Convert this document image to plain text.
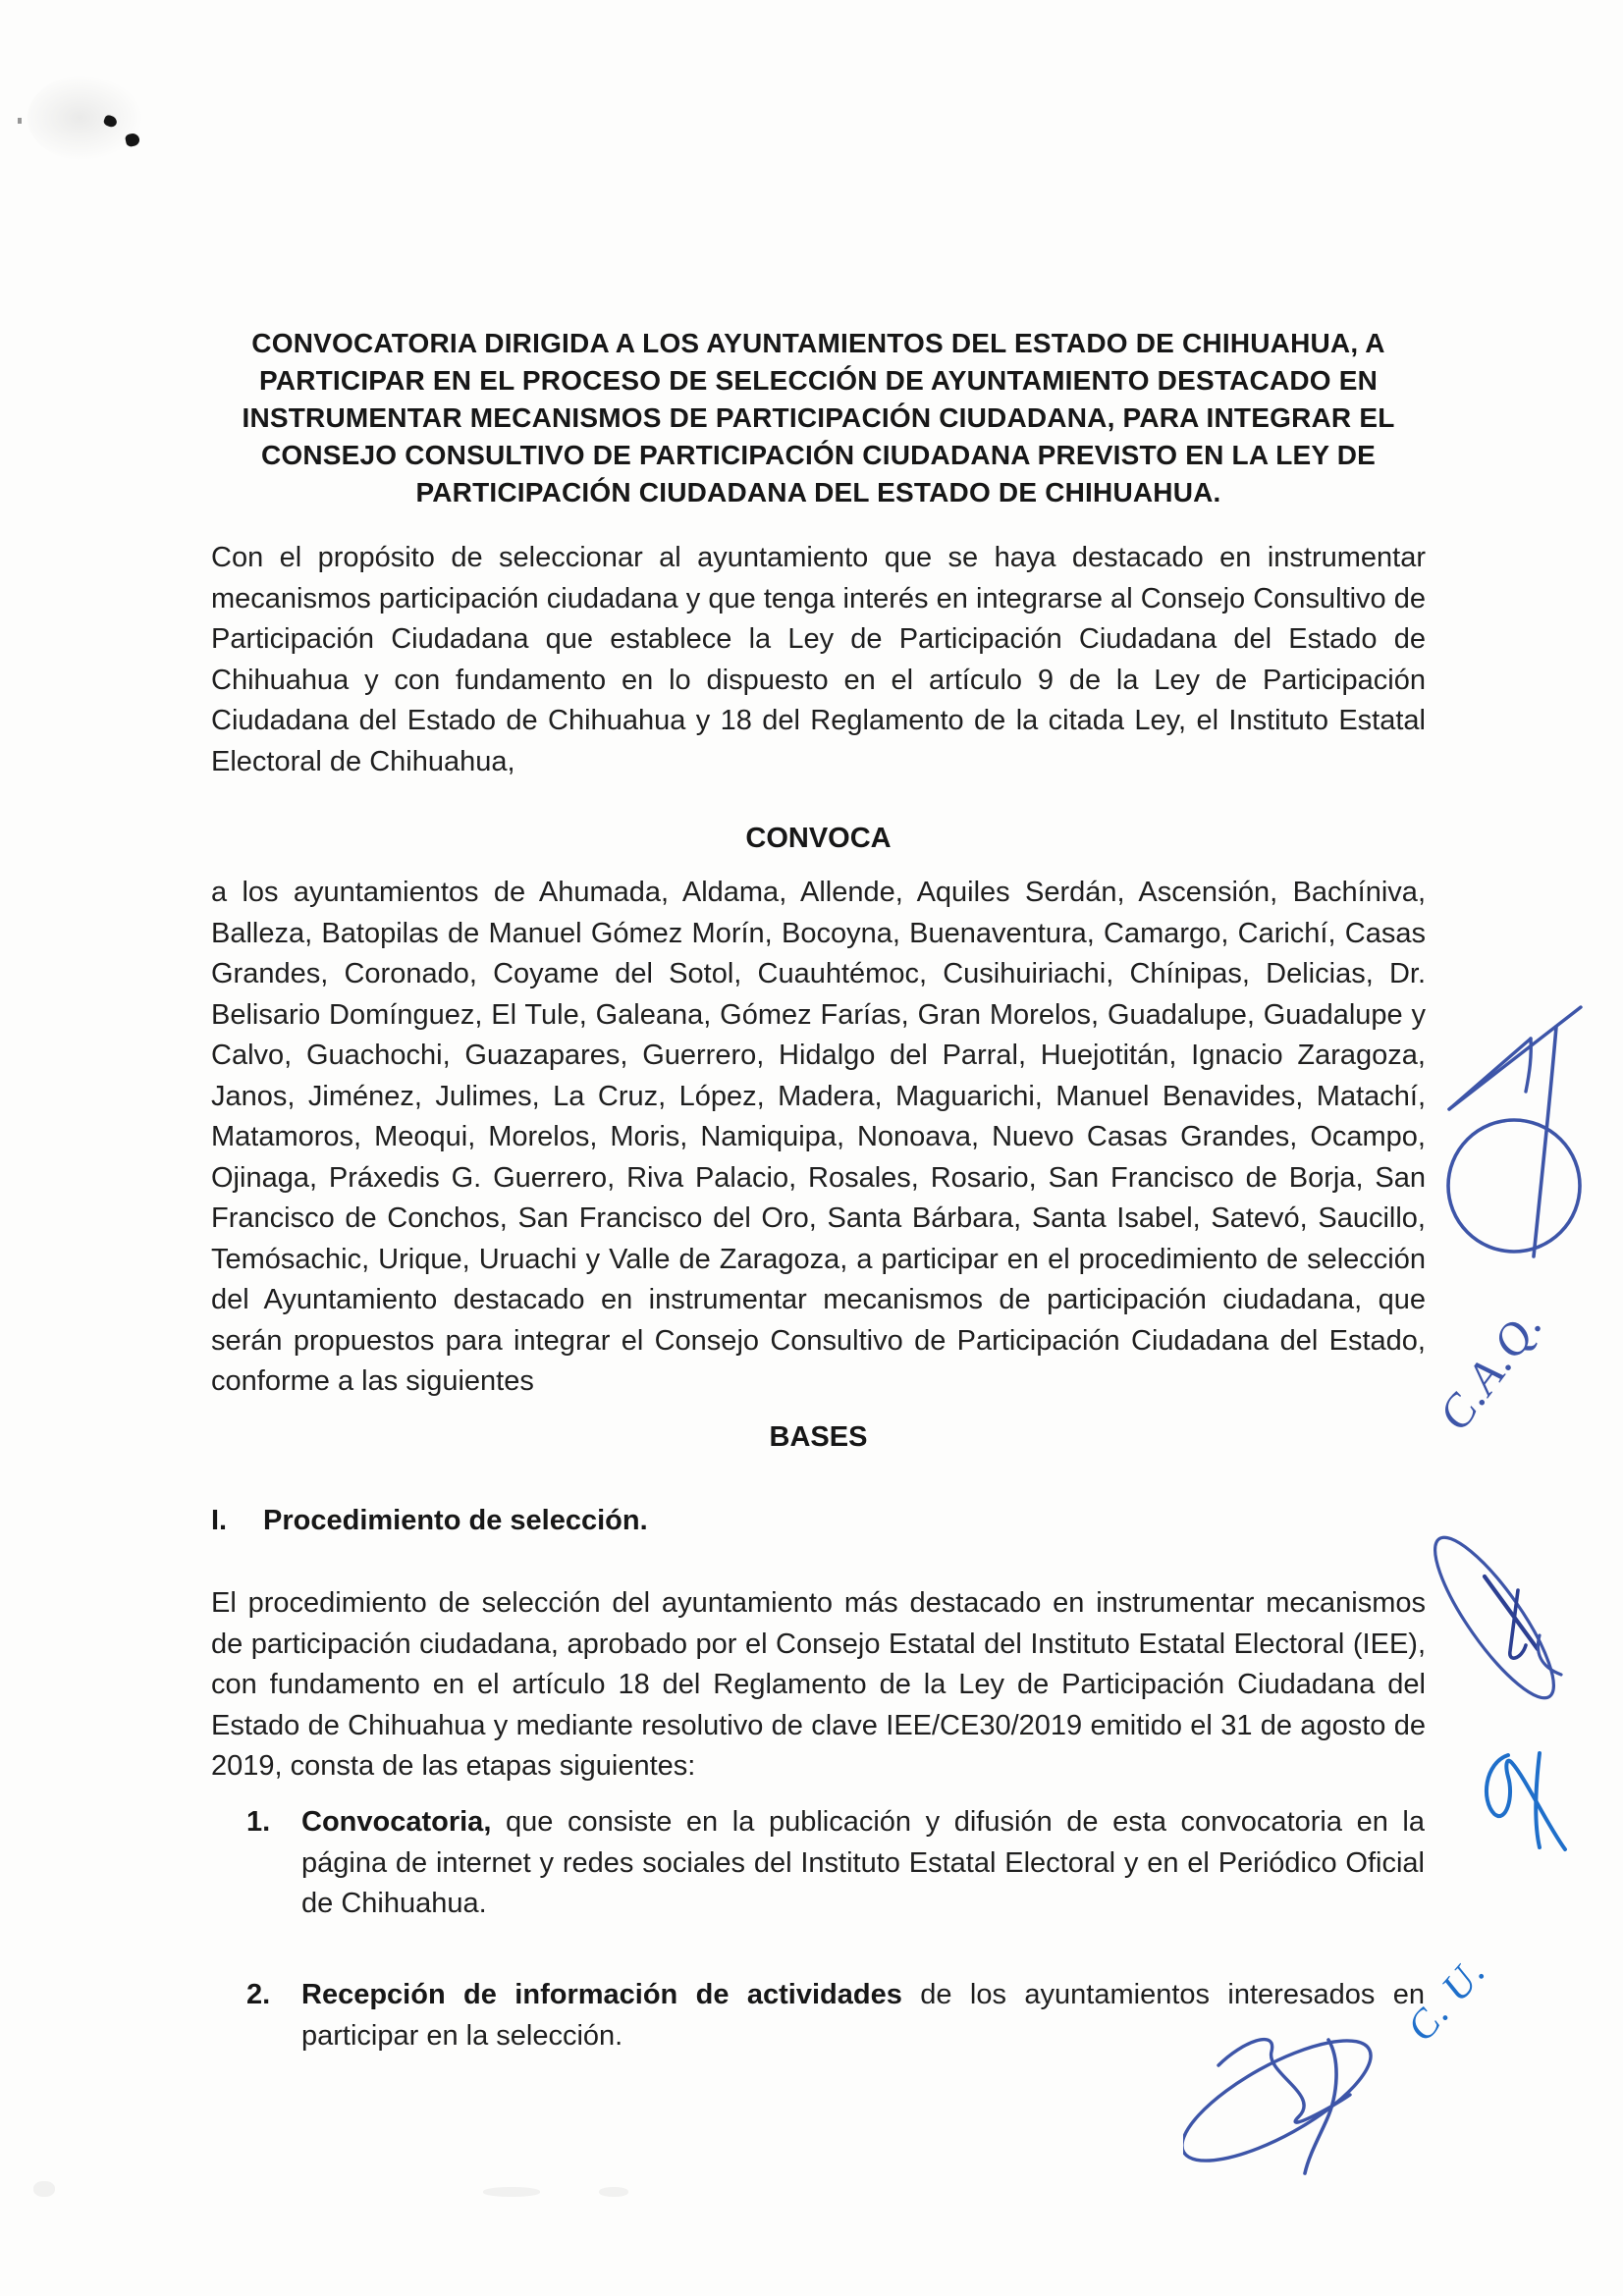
CONVOCATORIA DIRIGIDA A LOS AYUNTAMIENTOS DEL ESTADO DE CHIHUAHUA, A
PARTICIPAR EN EL PROCESO DE SELECCIÓN DE AYUNTAMIENTO DESTACADO EN
INSTRUMENTAR MECANISMOS DE PARTICIPACIÓN CIUDADANA, PARA INTEGRAR EL
CONSEJO CONSULTIVO DE PARTICIPACIÓN CIUDADANA PREVISTO EN LA LEY DE
PARTICIPACIÓN CIUDADANA DEL ESTADO DE CHIHUAHUA.
Con el propósito de seleccionar al ayuntamiento que se haya destacado en instrumentar mecanismos participación ciudadana y que tenga interés en integrarse al Consejo Consultivo de Participación Ciudadana que establece la Ley de Participación Ciudadana del Estado de Chihuahua y con fundamento en lo dispuesto en el artículo 9 de la Ley de Participación Ciudadana del Estado de Chihuahua y 18 del Reglamento de la citada Ley, el Instituto Estatal Electoral de Chihuahua,
CONVOCA
a los ayuntamientos de Ahumada, Aldama, Allende, Aquiles Serdán, Ascensión, Bachíniva, Balleza, Batopilas de Manuel Gómez Morín, Bocoyna, Buenaventura, Camargo, Carichí, Casas Grandes, Coronado, Coyame del Sotol, Cuauhtémoc, Cusihuiriachi, Chínipas, Delicias, Dr. Belisario Domínguez, El Tule, Galeana, Gómez Farías, Gran Morelos, Guadalupe, Guadalupe y Calvo, Guachochi, Guazapares, Guerrero, Hidalgo del Parral, Huejotitán, Ignacio Zaragoza, Janos, Jiménez, Julimes, La Cruz, López, Madera, Maguarichi, Manuel Benavides, Matachí, Matamoros, Meoqui, Morelos, Moris, Namiquipa, Nonoava, Nuevo Casas Grandes, Ocampo, Ojinaga, Práxedis G. Guerrero, Riva Palacio, Rosales, Rosario, San Francisco de Borja, San Francisco de Conchos, San Francisco del Oro, Santa Bárbara, Santa Isabel, Satevó, Saucillo, Temósachic, Urique, Uruachi y Valle de Zaragoza, a participar en el procedimiento de selección del Ayuntamiento destacado en instrumentar mecanismos de participación ciudadana, que serán propuestos para integrar el Consejo Consultivo de Participación Ciudadana del Estado, conforme a las siguientes
BASES
I. Procedimiento de selección.
El procedimiento de selección del ayuntamiento más destacado en instrumentar mecanismos de participación ciudadana, aprobado por el Consejo Estatal del Instituto Estatal Electoral (IEE), con fundamento en el artículo 18 del Reglamento de la Ley de Participación Ciudadana del Estado de Chihuahua y mediante resolutivo de clave IEE/CE30/2019 emitido el 31 de agosto de 2019, consta de las etapas siguientes:
1.	Convocatoria, que consiste en la publicación y difusión de esta convocatoria en la página de internet y redes sociales del Instituto Estatal Electoral y en el Periódico Oficial de Chihuahua.
2.	Recepción de información de actividades de los ayuntamientos interesados en participar en la selección.
C.A.Q.
C. U.
